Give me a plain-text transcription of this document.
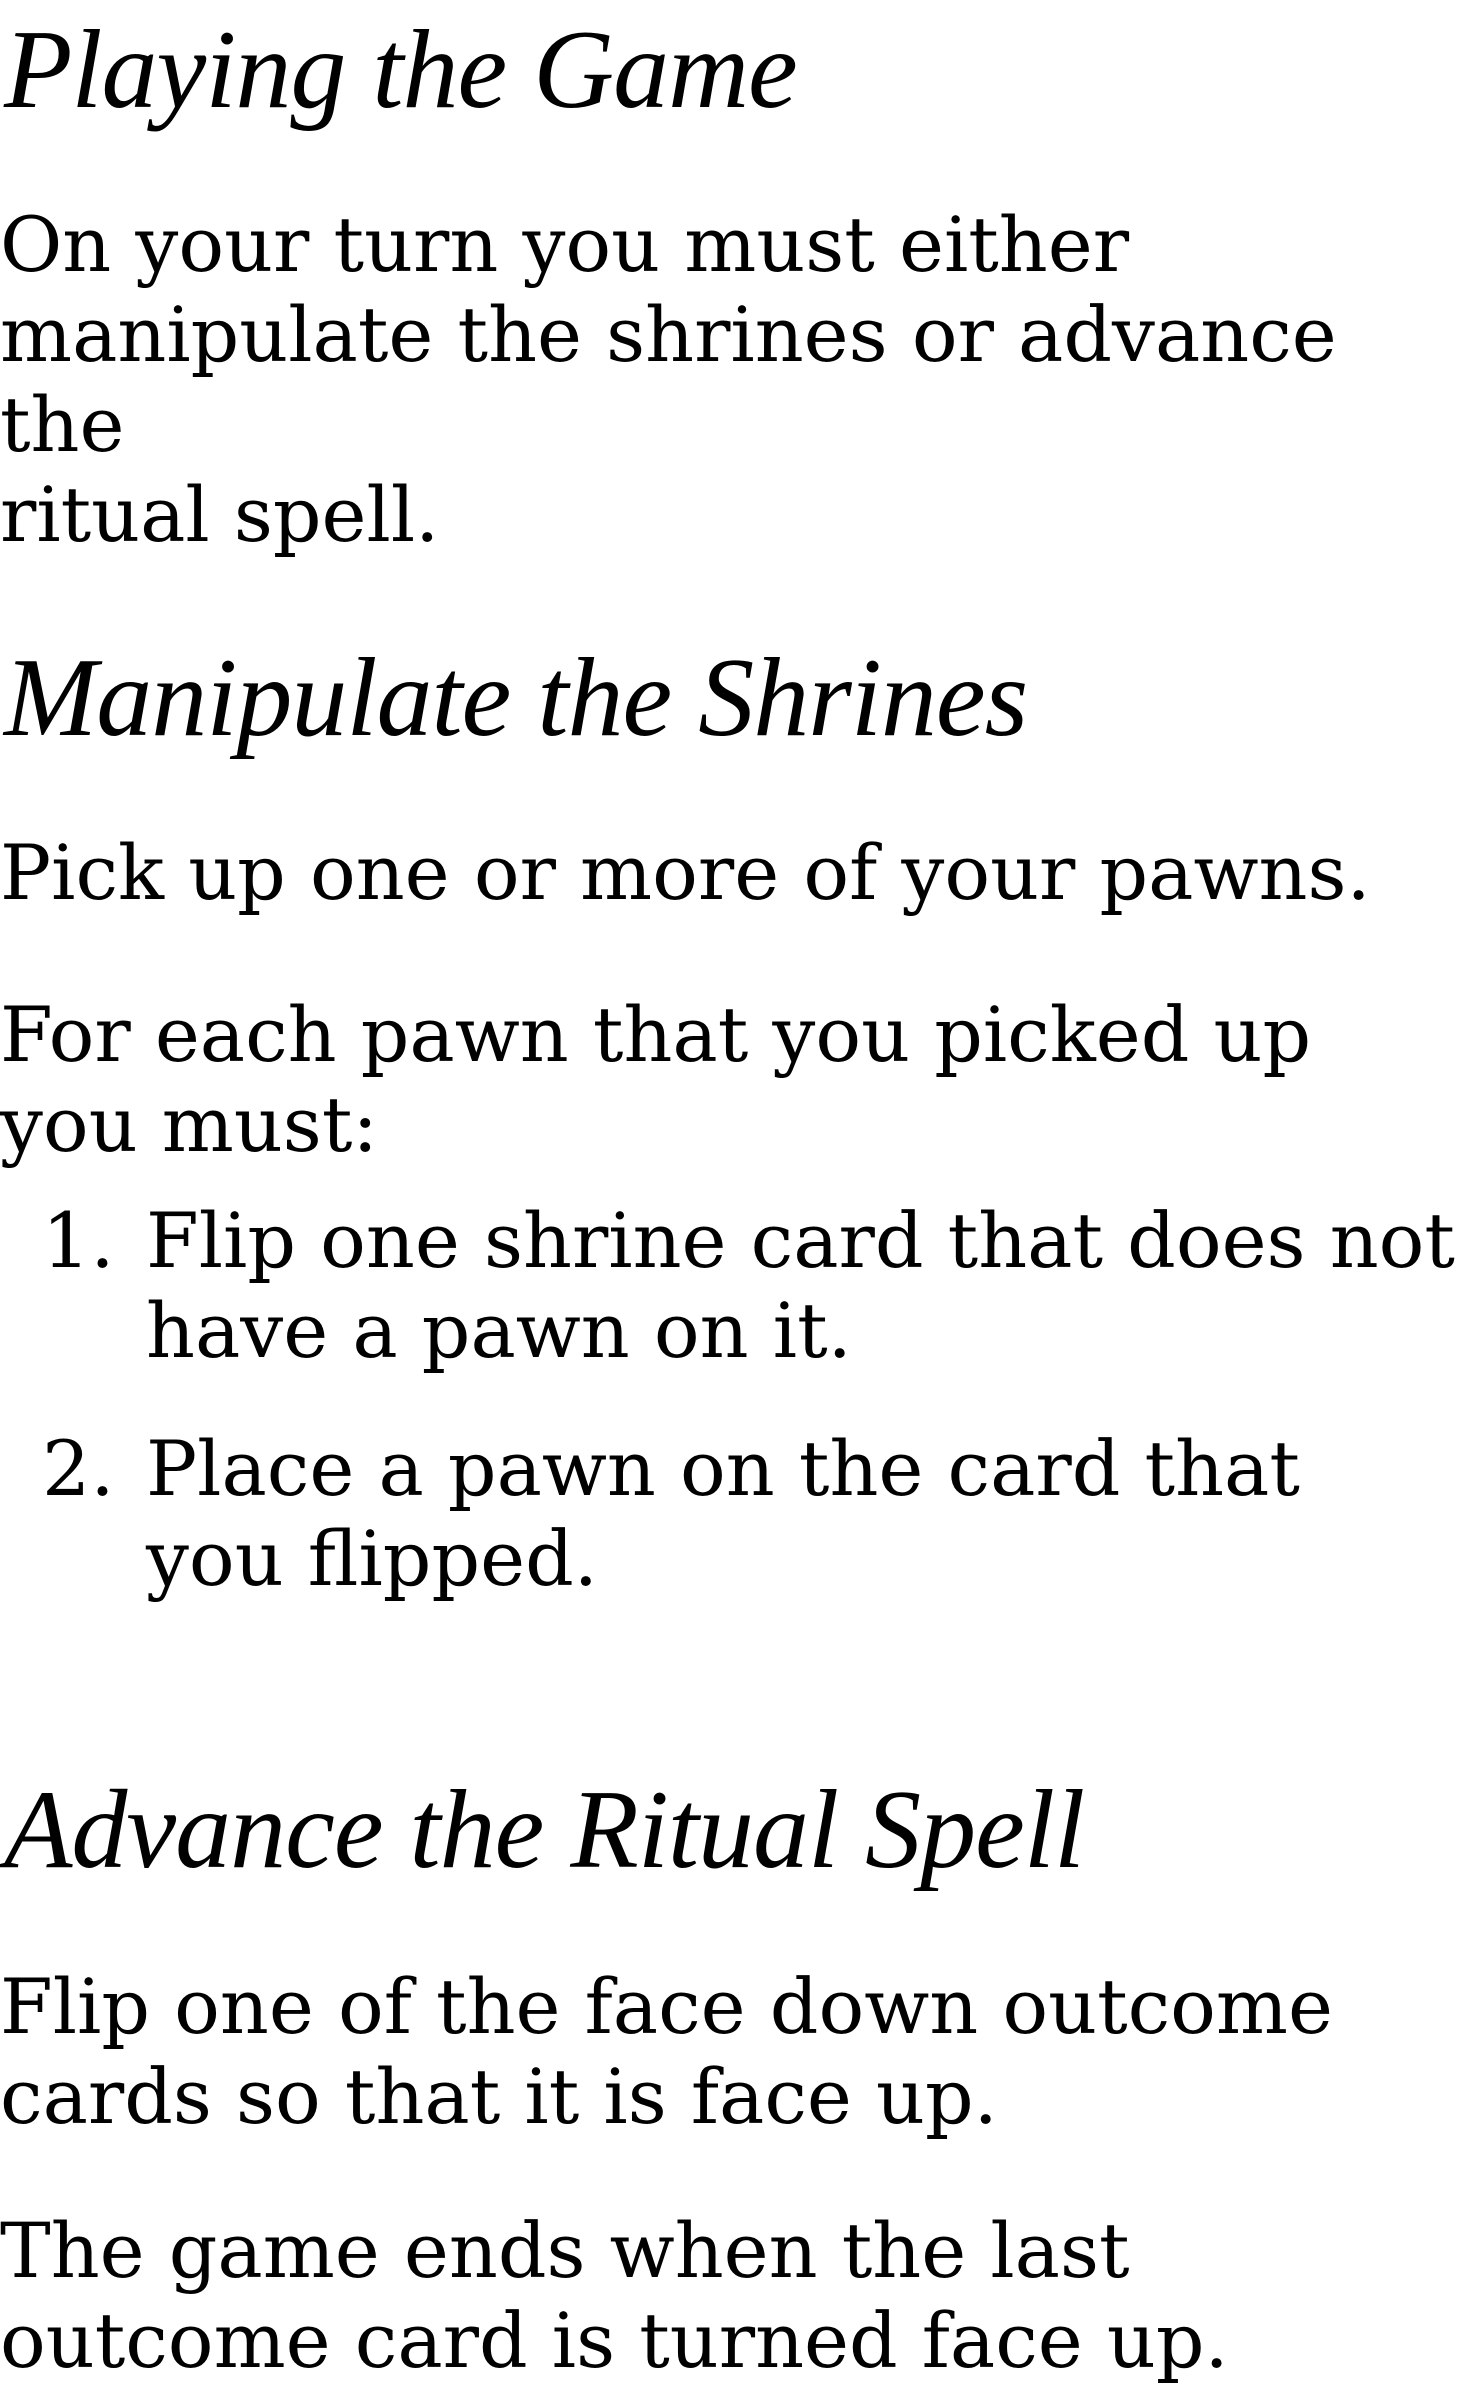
Playing the Game

On your turn you must either
manipulate the shrines or advance the
ritual spell.

Manipulate the Shrines

Pick up one or more of your pawns.

For each pawn that you picked up
you must:

1. Flip one shrine card that does not
have a pawn on it.
2. Place a pawn on the card that
you flipped.
Advance the Ritual Spell

Flip one of the face down outcome
cards so that it is face up.

The game ends when the last
outcome card is turned face up.
